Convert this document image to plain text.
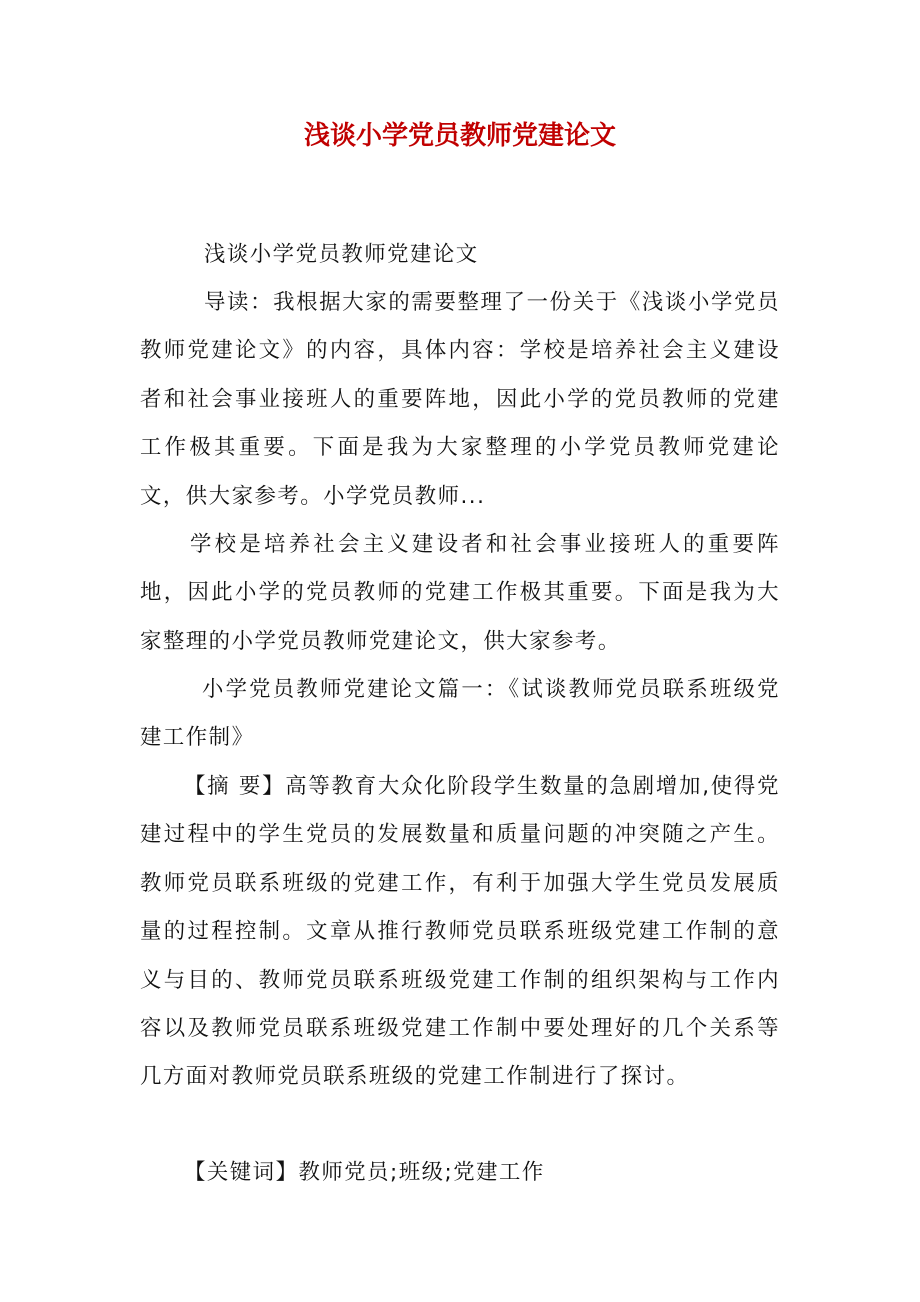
浅谈小学党员教师党建论文

浅谈小学党员教师党建论文

导读：我根据大家的需要整理了一份关于《浅谈小学党员教师党建论文》的内容，具体内容：学校是培养社会主义建设者和社会事业接班人的重要阵地，因此小学的党员教师的党建工作极其重要。下面是我为大家整理的小学党员教师党建论文，供大家参考。小学党员教师...

学校是培养社会主义建设者和社会事业接班人的重要阵地，因此小学的党员教师的党建工作极其重要。下面是我为大家整理的小学党员教师党建论文，供大家参考。

小学党员教师党建论文篇一：《试谈教师党员联系班级党建工作制》

【摘 要】高等教育大众化阶段学生数量的急剧增加,使得党建过程中的学生党员的发展数量和质量问题的冲突随之产生。教师党员联系班级的党建工作，有利于加强大学生党员发展质量的过程控制。文章从推行教师党员联系班级党建工作制的意义与目的、教师党员联系班级党建工作制的组织架构与工作内容以及教师党员联系班级党建工作制中要处理好的几个关系等几方面对教师党员联系班级的党建工作制进行了探讨。

【关键词】教师党员;班级;党建工作
